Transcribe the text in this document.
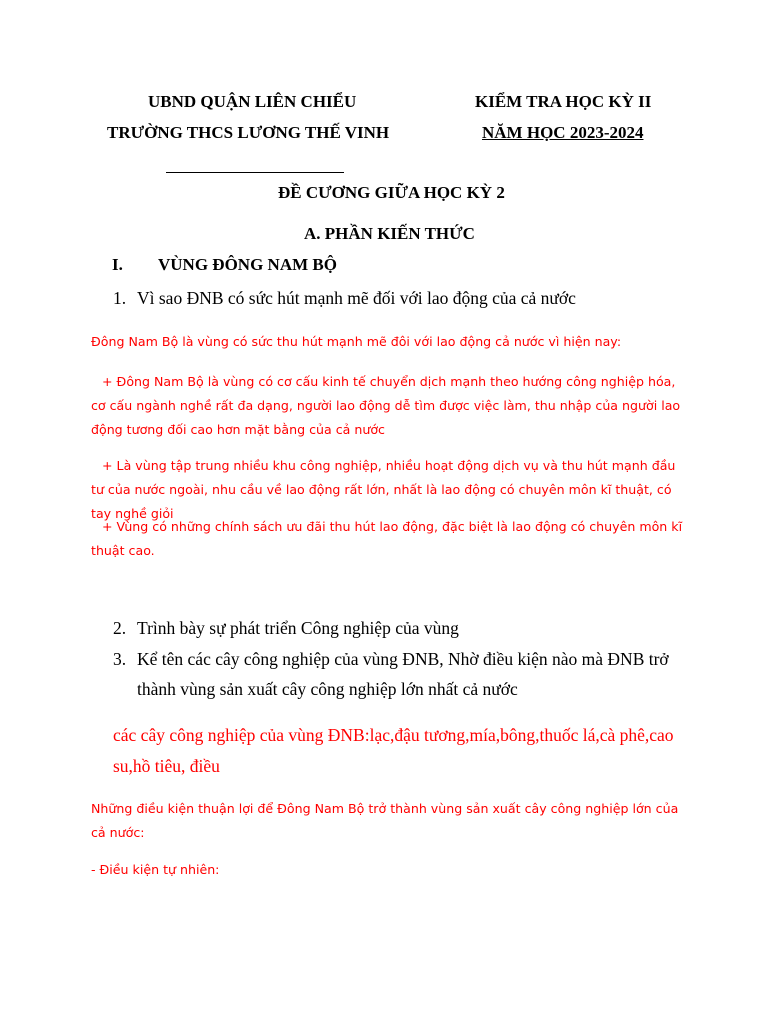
UBND QUẬN LIÊN CHIỂU
TRƯỜNG THCS LƯƠNG THẾ VINH
KIỂM TRA HỌC KỲ II
NĂM HỌC 2023-2024
ĐỀ CƯƠNG GIỮA HỌC KỲ 2
A. PHẦN KIẾN THỨC
I. VÙNG ĐÔNG NAM BỘ
1. Vì sao ĐNB có sức hút mạnh mẽ đối với lao động của cả nước
Đông Nam Bộ là vùng có sức thu hút mạnh mẽ đôi với lao động cả nước vì hiện nay:
+ Đông Nam Bộ là vùng có cơ cấu kinh tế chuyển dịch mạnh theo hướng công nghiệp hóa, cơ cấu ngành nghề rất đa dạng, người lao động dễ tìm được việc làm, thu nhập của người lao động tương đối cao hơn mặt bằng của cả nước
+ Là vùng tập trung nhiều khu công nghiệp, nhiều hoạt động dịch vụ và thu hút mạnh đầu tư của nước ngoài, nhu cầu về lao động rất lớn, nhất là lao động có chuyên môn kĩ thuật, có tay nghề giỏi
+ Vùng có những chính sách ưu đãi thu hút lao động, đặc biệt là lao động có chuyên môn kĩ thuật cao.
2. Trình bày sự phát triển Công nghiệp của vùng
3. Kể tên các cây công nghiệp của vùng ĐNB, Nhờ điều kiện nào mà ĐNB trở
thành vùng sản xuất cây công nghiệp lớn nhất cả nước
các cây công nghiệp của vùng ĐNB:lạc,đậu tương,mía,bông,thuốc lá,cà phê,cao su,hồ tiêu, điều
Những điều kiện thuận lợi để Đông Nam Bộ trở thành vùng sản xuất cây công nghiệp lớn của cả nước:
- Điều kiện tự nhiên:
